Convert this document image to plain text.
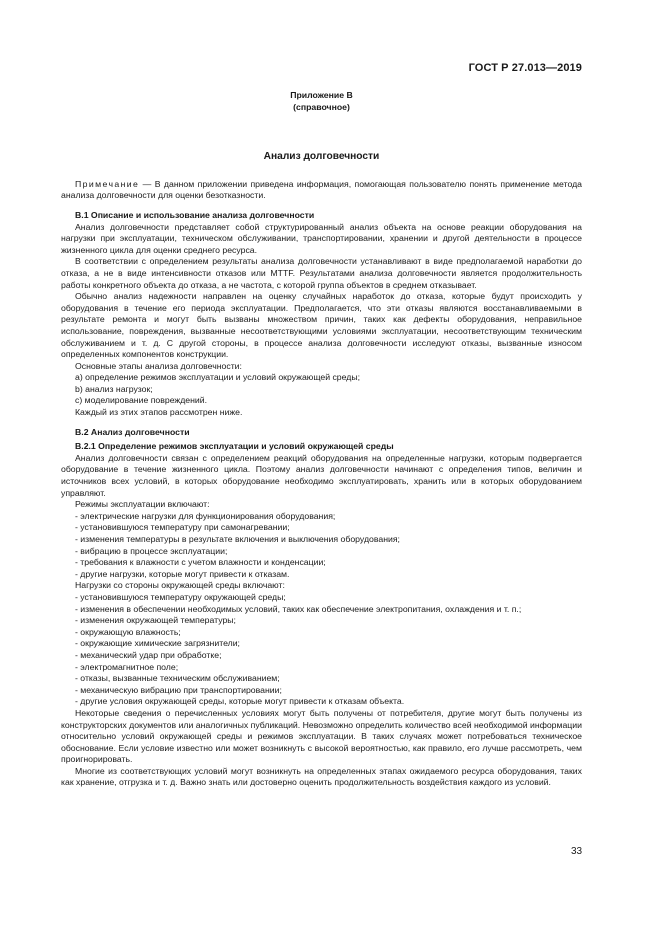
ГОСТ Р 27.013—2019
Приложение В
(справочное)
Анализ долговечности

Примечание — В данном приложении приведена информация, помогающая пользователю понять применение метода анализа долговечности для оценки безотказности.

В.1 Описание и использование анализа долговечности

Анализ долговечности представляет собой структурированный анализ объекта на основе реакции оборудования на нагрузки при эксплуатации, техническом обслуживании, транспортировании, хранении и другой деятельности в процессе жизненного цикла для оценки среднего ресурса.

В соответствии с определением результаты анализа долговечности устанавливают в виде предполагаемой наработки до отказа, а не в виде интенсивности отказов или MTTF. Результатами анализа долговечности является продолжительность работы конкретного объекта до отказа, а не частота, с которой группа объектов в среднем отказывает.

Обычно анализ надежности направлен на оценку случайных наработок до отказа, которые будут происходить у оборудования в течение его периода эксплуатации. Предполагается, что эти отказы являются восстанавливаемыми в результате ремонта и могут быть вызваны множеством причин, таких как дефекты оборудования, неправильное использование, повреждения, вызванные несоответствующими условиями эксплуатации, несоответствующим техническим обслуживанием и т. д. С другой стороны, в процессе анализа долговечности исследуют отказы, вызванные износом определенных компонентов конструкции.

Основные этапы анализа долговечности:

а) определение режимов эксплуатации и условий окружающей среды;
b) анализ нагрузок;
c) моделирование повреждений.

Каждый из этих этапов рассмотрен ниже.

В.2 Анализ долговечности
В.2.1 Определение режимов эксплуатации и условий окружающей среды

Анализ долговечности связан с определением реакций оборудования на определенные нагрузки, которым подвергается оборудование в течение жизненного цикла. Поэтому анализ долговечности начинают с определения типов, величин и источников всех условий, в которых оборудование необходимо эксплуатировать, хранить или в которых оборудованием управляют.

Режимы эксплуатации включают:

- электрические нагрузки для функционирования оборудования;
- установившуюся температуру при самонагревании;
- изменения температуры в результате включения и выключения оборудования;
- вибрацию в процессе эксплуатации;
- требования к влажности с учетом влажности и конденсации;
- другие нагрузки, которые могут привести к отказам.

Нагрузки со стороны окружающей среды включают:

- установившуюся температуру окружающей среды;
- изменения в обеспечении необходимых условий, таких как обеспечение электропитания, охлаждения и т. п.;
- изменения окружающей температуры;
- окружающую влажность;
- окружающие химические загрязнители;
- механический удар при обработке;
- электромагнитное поле;
- отказы, вызванные техническим обслуживанием;
- механическую вибрацию при транспортировании;
- другие условия окружающей среды, которые могут привести к отказам объекта.

Некоторые сведения о перечисленных условиях могут быть получены от потребителя, другие могут быть получены из конструкторских документов или аналогичных публикаций. Невозможно определить количество всей необходимой информации относительно условий окружающей среды и режимов эксплуатации. В таких случаях может потребоваться техническое обоснование. Если условие известно или может возникнуть с высокой вероятностью, как правило, его лучше рассмотреть, чем проигнорировать.

Многие из соответствующих условий могут возникнуть на определенных этапах ожидаемого ресурса оборудования, таких как хранение, отгрузка и т. д. Важно знать или достоверно оценить продолжительность воздействия каждого из условий.

33
